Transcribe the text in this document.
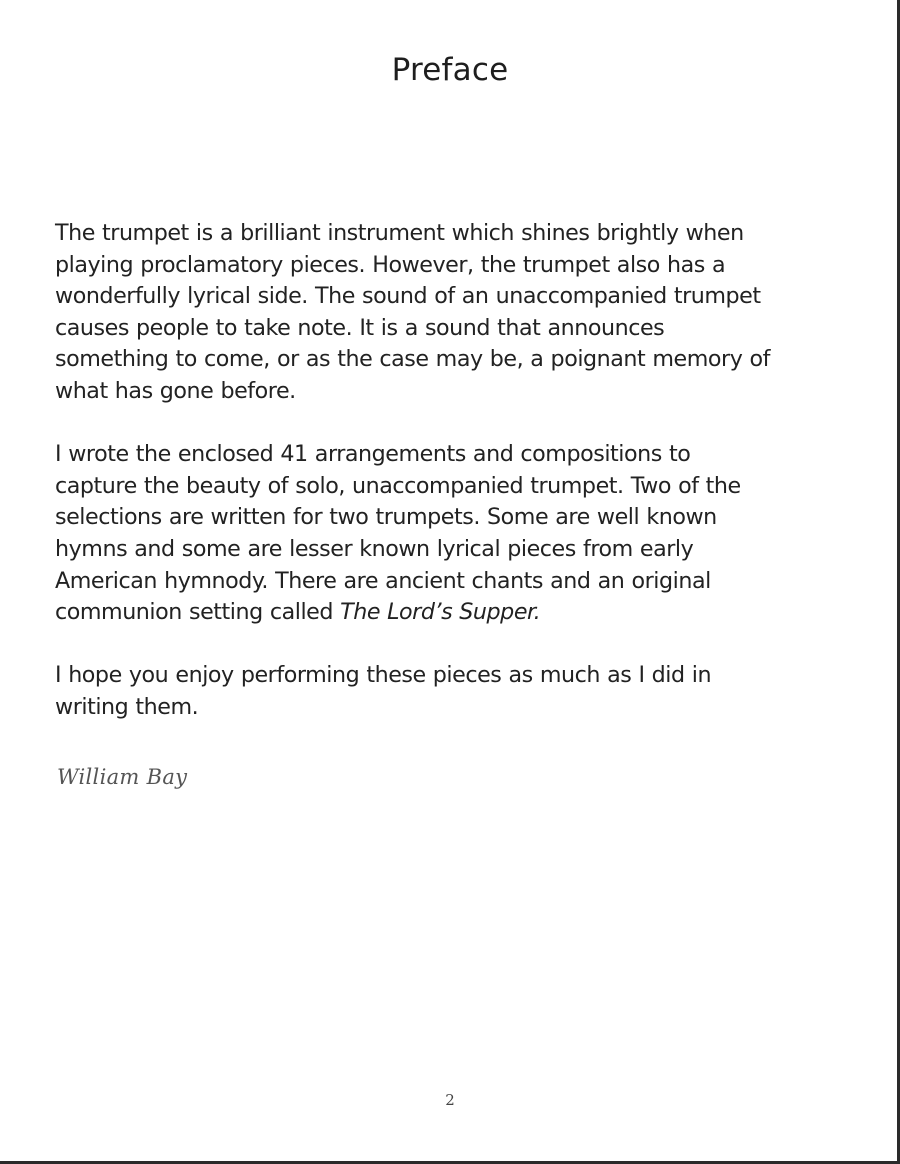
Preface

The trumpet is a brilliant instrument which shines brightly when
playing proclamatory pieces. However, the trumpet also has a
wonderfully lyrical side. The sound of an unaccompanied trumpet
causes people to take note. It is a sound that announces
something to come, or as the case may be, a poignant memory of
what has gone before.

I wrote the enclosed 41 arrangements and compositions to
capture the beauty of solo, unaccompanied trumpet. Two of the
selections are written for two trumpets. Some are well known
hymns and some are lesser known lyrical pieces from early
American hymnody. There are ancient chants and an original
communion setting called The Lord’s Supper.

I hope you enjoy performing these pieces as much as I did in
writing them.

William Bay
2
